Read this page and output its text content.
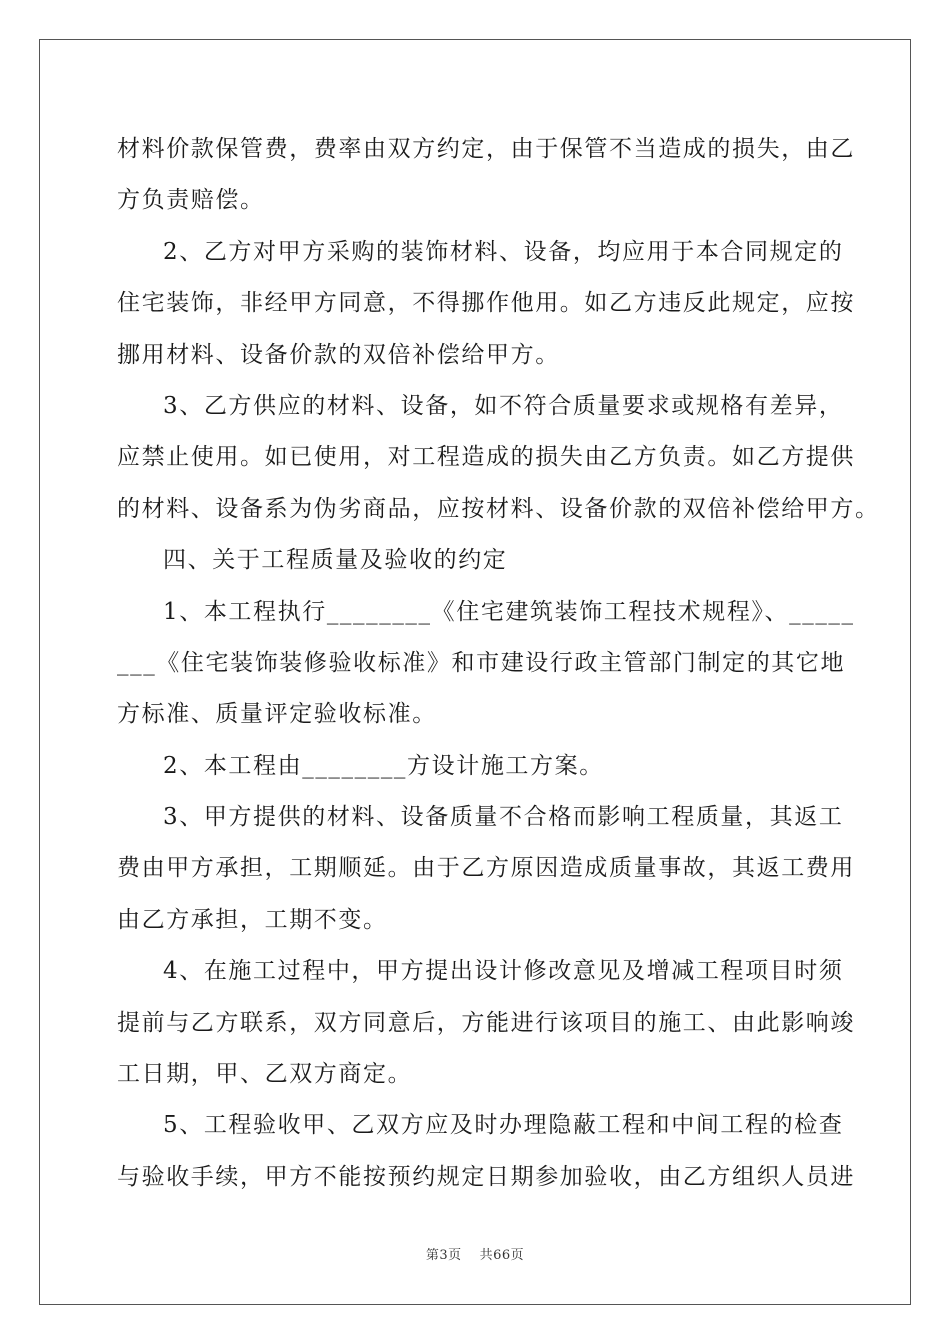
材料价款保管费，费率由双方约定，由于保管不当造成的损失，由乙
方负责赔偿。
2、乙方对甲方采购的装饰材料、设备，均应用于本合同规定的
住宅装饰，非经甲方同意，不得挪作他用。如乙方违反此规定，应按
挪用材料、设备价款的双倍补偿给甲方。
3、乙方供应的材料、设备，如不符合质量要求或规格有差异，
应禁止使用。如已使用，对工程造成的损失由乙方负责。如乙方提供
的材料、设备系为伪劣商品，应按材料、设备价款的双倍补偿给甲方。
四、关于工程质量及验收的约定
1、本工程执行________《住宅建筑装饰工程技术规程》、_____
___《住宅装饰装修验收标准》和市建设行政主管部门制定的其它地
方标准、质量评定验收标准。
2、本工程由________方设计施工方案。
3、甲方提供的材料、设备质量不合格而影响工程质量，其返工
费由甲方承担，工期顺延。由于乙方原因造成质量事故，其返工费用
由乙方承担，工期不变。
4、在施工过程中，甲方提出设计修改意见及增减工程项目时须
提前与乙方联系，双方同意后，方能进行该项目的施工、由此影响竣
工日期，甲、乙双方商定。
5、工程验收甲、乙双方应及时办理隐蔽工程和中间工程的检查
与验收手续，甲方不能按预约规定日期参加验收，由乙方组织人员进
第3页 共66页
